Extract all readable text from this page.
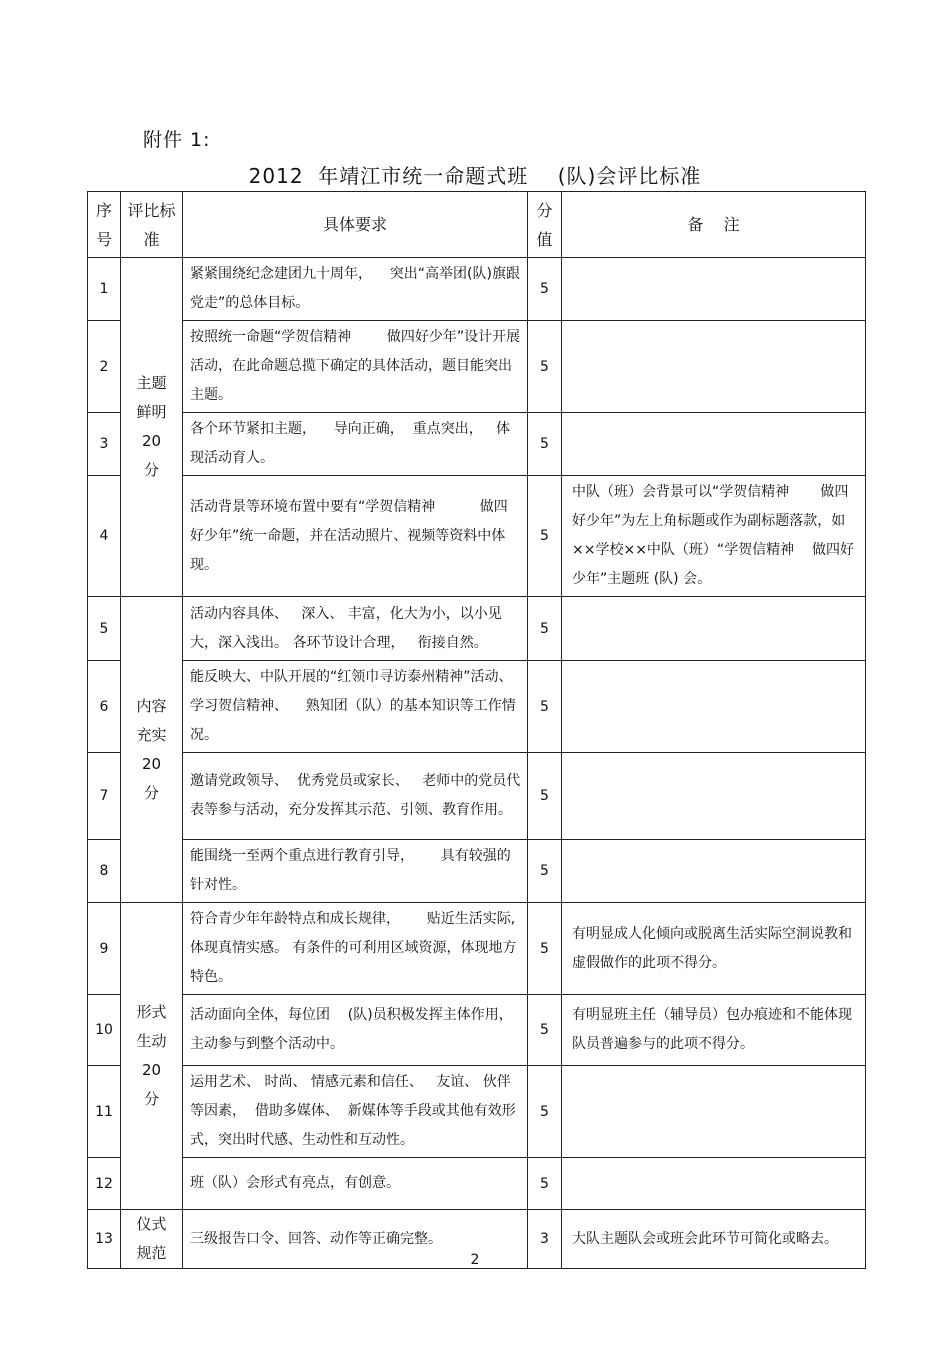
附件 1:
2012  年靖江市统一命题式班    (队)会评比标准
序号	评比标准	具体要求	分值	备    注
1	主题鲜明20 分	紧紧围绕纪念建团九十周年，    突出“高举团(队)旗跟党走”的总体目标。	5	
2		按照统一命题“学贺信精神        做四好少年”设计开展活动，在此命题总揽下确定的具体活动，题目能突出主题。	5	
3		各个环节紧扣主题，    导向正确，  重点突出，   体现活动育人。	5	
4		活动背景等环境布置中要有“学贺信精神          做四好少年”统一命题，并在活动照片、视频等资料中体现。	5	中队（班）会背景可以“学贺信精神       做四好少年”为左上角标题或作为副标题落款，如××学校××中队（班）“学贺信精神    做四好少年”主题班 (队) 会。
5	内容充实20 分	活动内容具体、   深入、 丰富，化大为小，以小见大，深入浅出。 各环节设计合理，   衔接自然。	5	
6		能反映大、中队开展的“红领巾寻访泰州精神”活动、 学习贺信精神、    熟知团（队）的基本知识等工作情况。	5	
7		邀请党政领导、  优秀党员或家长、   老师中的党员代表等参与活动，充分发挥其示范、引领、教育作用。	5	
8		能围绕一至两个重点进行教育引导，      具有较强的针对性。	5	
9	形式生动20 分	符合青少年年龄特点和成长规律，      贴近生活实际, 体现真情实感。 有条件的可利用区域资源，体现地方特色。	5	有明显成人化倾向或脱离生活实际空洞说教和虚假做作的此项不得分。
10		活动面向全体，每位团    (队)员积极发挥主体作用，主动参与到整个活动中。	5	有明显班主任（辅导员）包办痕迹和不能体现队员普遍参与的此项不得分。
11		运用艺术、 时尚、 情感元素和信任、   友谊、 伙伴等因素，  借助多媒体、  新媒体等手段或其他有效形式，突出时代感、生动性和互动性。	5	
12		班（队）会形式有亮点，有创意。	5	
13	仪式规范	三级报告口令、回答、动作等正确完整。	3	大队主题队会或班会此环节可简化或略去。
2
